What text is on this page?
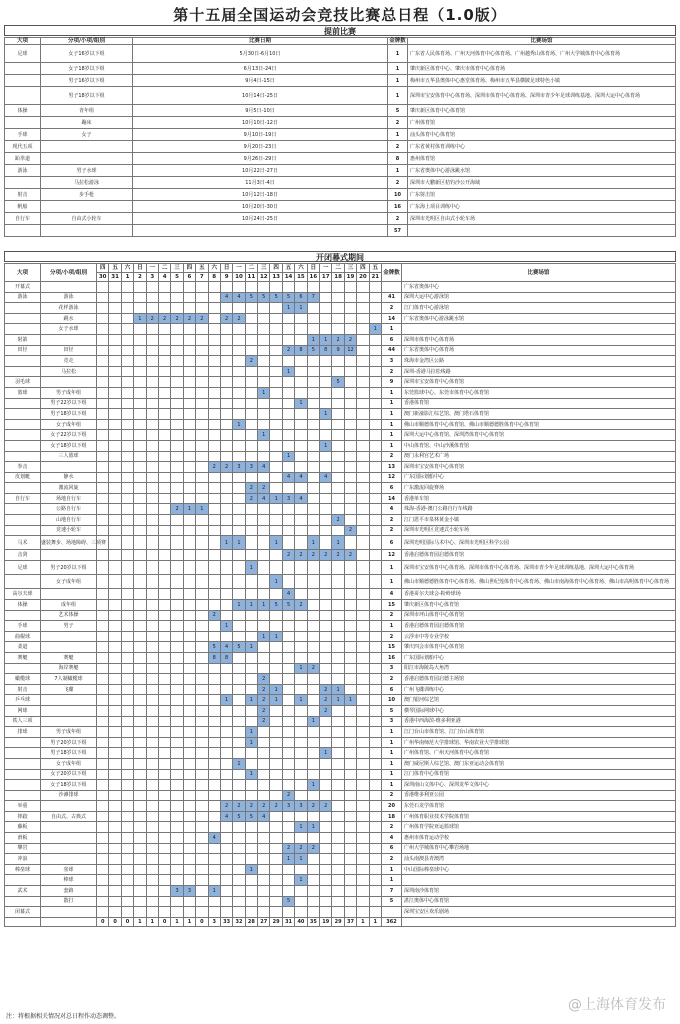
第十五届全国运动会竞技比赛总日程（1.0版）
提前比赛
大项	分项/小项/组别	比赛日期	金牌数	比赛场馆
足球	女子16岁以下组	5月30日-6月10日	1	广东省人民体育场、广州天河体育中心体育场、广州越秀山体育场、广州大学城体育中心体育场
	女子18岁以下组	6月13日-24日	1	肇庆新区体育中心、肇庆市体育中心体育场
	男子16岁以下组	9月4日-15日	1	梅州市五华县奥体中心惠堂体育场、梅州市五华县横陂足球特色小镇
	男子18岁以下组	10月14日-25日	1	深圳市宝安体育中心体育场、深圳市体育中心体育场、深圳市青少年足球训练基地、深圳大运中心体育场
体操	青年组	9月5日-10日	5	肇庆新区体育中心体育馆
	蹦床	10月10日-12日	2	广州体育馆
手球	女子	9月10日-19日	1	汕头体育中心体育馆
现代五项		9月20日-23日	2	广东省黄村体育训练中心
跆拳道		9月26日-29日	8	惠州体育馆
游泳	男子水球	10月22日-27日	1	广东省奥体中心游泳跳水馆
	马拉松游泳	11月3日-4日	2	深圳市大鹏新区桔钓沙公开海域
射击	步手枪	10月12日-18日	10	广东射击馆
帆船		10月20日-30日	16	广东海上项目训练中心
自行车	自由式小轮车	10月24日-25日	2	深圳市光明区自由式小轮车场
			57	
开闭幕式期间
大项	分项/小项/组别	四	五	六	日	一	二	三	四	五	六	日	一	二	三	四	五	六	日	一	二	三	四	五	金牌数	比赛场馆
		30	31	1	2	3	4	5	6	7	8	9	10	11	12	13	14	15	16	17	18	19	20	21		
开幕式																										广东省奥体中心
游泳	游泳											4	4	5	5	5	5	6	7						41	深圳大运中心游泳馆
	花样游泳																1	1							2	江门体育中心游泳馆
	跳水				1	2	2	2	2	2		2	2												14	广东省奥体中心游泳跳水馆
	女子水球																							1	1	
射箭																			1	1	2	2			6	深圳市体育中心体育场
田径	田径																2	8	5	8	9	12			44	广东省奥体中心体育场
	竞走													2											3	珠海市金湾区公路
	马拉松																1								2	深圳-香港马拉松线路
羽毛球																					5				9	深圳市宝安体育中心体育馆
篮球	男子成年组														1										1	东莞篮球中心、东莞市体育中心体育馆
	男子22岁以下组																	1							1	香港体育馆
	男子18岁以下组																			1					1	澳门新濠影汇综艺馆、澳门塔石体育馆
	女子成年组												1												1	佛山市顺德体育中心体育馆、佛山市顺德德胜体育中心体育馆
	女子22岁以下组														1										1	深圳大运中心体育馆、深圳湾体育中心体育馆
	女子18岁以下组																			1					1	中山体育馆、中山沙溪体育馆
	三人篮球																1								2	澳门永利宫艺术广场
拳击											2	2	3	3	4										13	深圳市宝安体育中心体育馆
皮划艇	静水																4	4		4					12	广东国际划船中心
	激流回旋													2	2										6	广东激流回旋赛场
自行车	场地自行车													2	4	1	3	4							14	香港单车馆
	公路自行车							2	1	1															4	珠海-香港-澳门公路自行车线路
	山地自行车																				2				2	江门恩平市泉林黄金小镇
	竞速小轮车																					2			2	深圳市光明区竞速式小轮车场
马术	盛装舞步、场地障碍、三项赛											1	1			1			1		1				6	深圳光明国际马术中心、深圳市光明区科学公园
击剑																	2	2	2	2	2	2			12	香港启德体育园启德体育馆
足球	男子20岁以下组													1											1	深圳市宝安体育中心体育场、深圳市体育中心体育场、深圳市青少年足球训练基地、深圳大运中心体育场
	女子成年组															1									1	佛山市顺德德胜体育中心体育场、佛山世纪莲体育中心体育场、佛山市南海体育中心体育场、佛山市高明体育中心体育场
高尔夫球																	4								4	香港哥尔夫球会-粉岭球场
体操	成年组												1	1	1	5	5	2							15	肇庆新区体育中心体育馆
	艺术体操										2														2	深圳市坪山体育中心体育馆
手球	男子											1													1	香港启德体育园启德体育馆
曲棍球															1	1									2	云浮市中等专业学校
柔道											5	4	5	1											15	肇庆四会市体育中心体育馆
赛艇	赛艇										8	8													16	广东国际划船中心
	海岸赛艇																	1	2						3	阳江市海陵岛大角湾
橄榄球	7人制橄榄球														2										2	香港启德体育园启德主场馆
射击	飞碟														2	1				2	1				6	广州飞碟训练中心
乒乓球												1		1	2	1		1		2	1	1			10	澳门银河综艺馆
网球															2					2					5	横琴国际网球中心
铁人三项															2				1						3	香港中西海滨-维多利亚港
排球	男子成年组													1											1	江门台山市体育馆、江门台山体育馆
	男子20岁以下组													1											1	广州华南师范大学排球馆、华南农业大学排球馆
	男子18岁以下组																			1					1	广州体育馆、广州天河体育中心体育馆
	女子成年组												1												1	澳门威尼斯人综艺馆、澳门东亚运动会体育馆
	女子20岁以下组													1											1	江门体育中心体育馆
	女子18岁以下组																		1						1	深圳南山文体中心、深圳龙华文体中心
	沙滩排球																2								2	香港维多利亚公园
举重												2	2	2	2	2	3	3	2	2					20	东莞石龙学体育馆
摔跤	自由式、古典式											4	5	5	4										18	广州体育职业技术学院体育馆
藤板																		1	1						2	广州体育学院亚运篮球馆
滑板											4														4	惠州市体育运动学校
攀岩																	2	2	2						6	广州大学城体育中心攀岩场地
冲浪																	1	1							2	汕头南澳县青澳湾
棒垒球	垒球													1											1	中山国际棒垒球中心
	棒球																	1							1	
武术	套路							3	3		1														7	深圳南沙体育馆
	散打																5								5	湛江奥体中心体育馆
闭幕式																										深圳宝安区欢乐剧场
		0	0	0	1	1	0	1	1	0	3	33	32	28	27	29	31	40	35	19	29	37	1	1	362	
注：将根据相关情况对总日程作动态调整。
@上海体育发布
